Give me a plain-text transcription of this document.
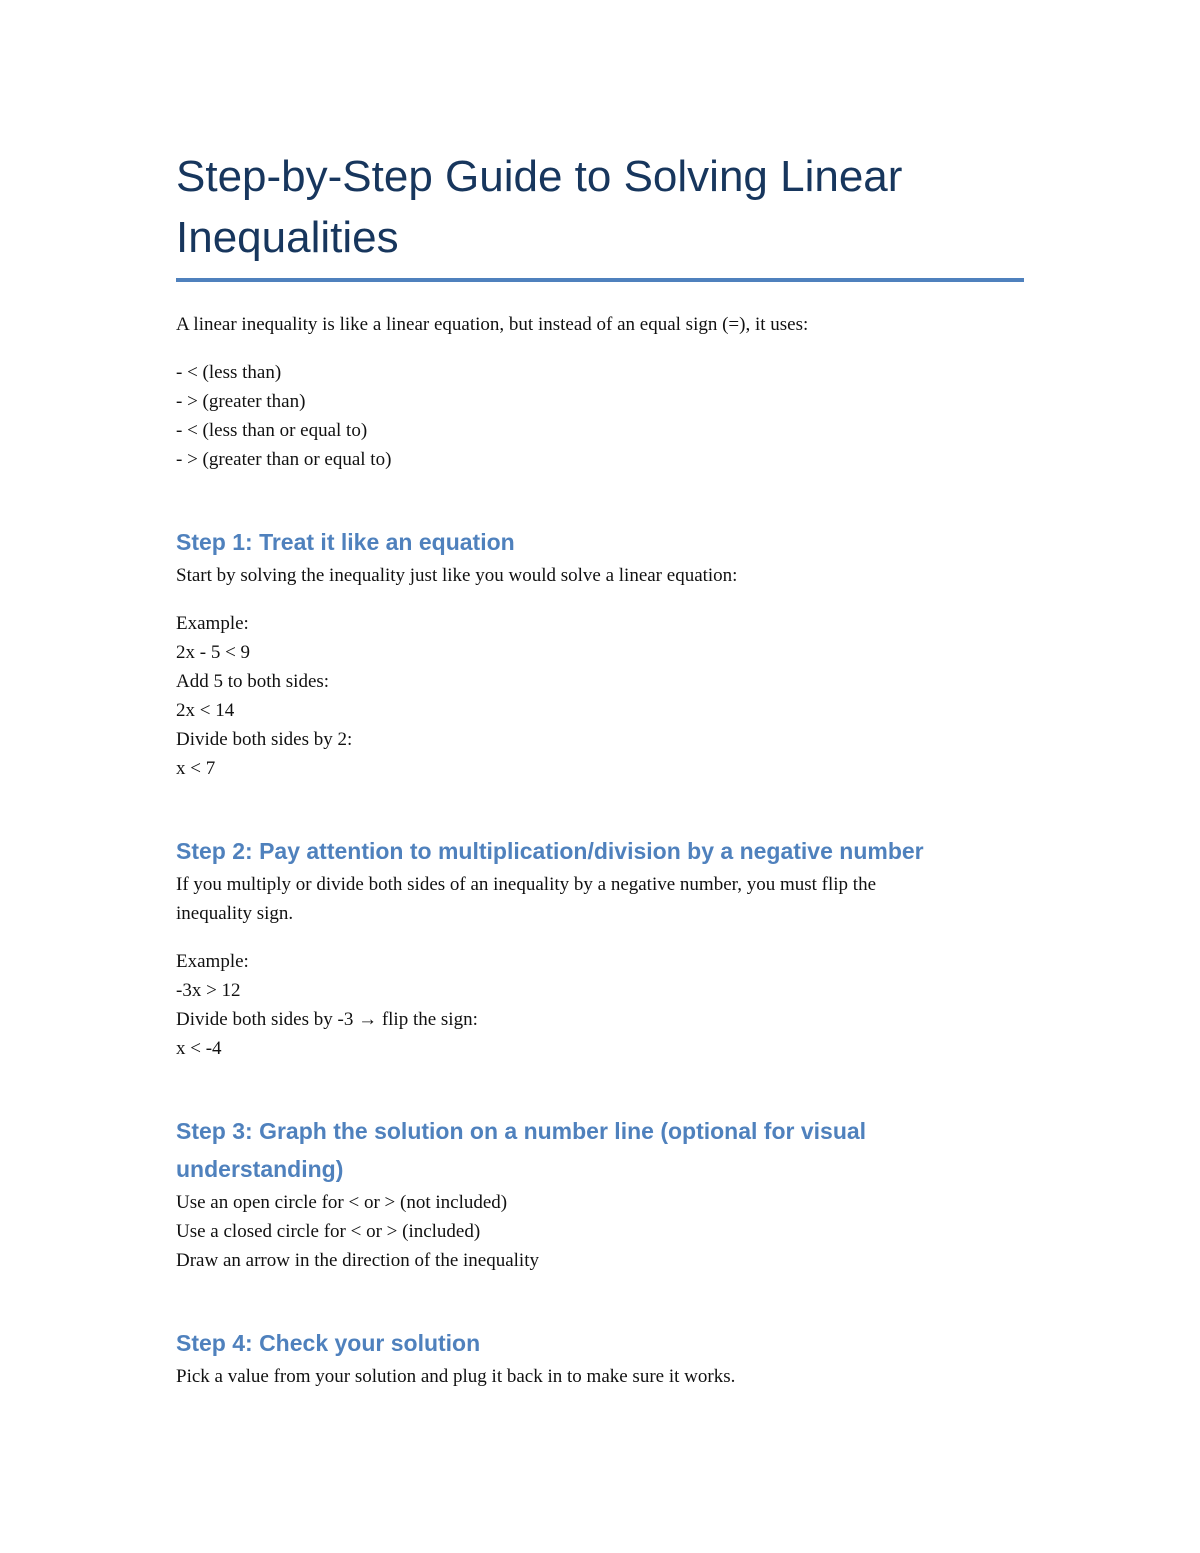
Step-by-Step Guide to Solving Linear Inequalities

A linear inequality is like a linear equation, but instead of an equal sign (=), it uses:

- < (less than)
- > (greater than)
- < (less than or equal to)
- > (greater than or equal to)
Step 1: Treat it like an equation

Start by solving the inequality just like you would solve a linear equation:

Example:
2x - 5 < 9
Add 5 to both sides:
2x < 14
Divide both sides by 2:
x < 7
Step 2: Pay attention to multiplication/division by a negative number
If you multiply or divide both sides of an inequality by a negative number, you must flip the
inequality sign.
Example:
-3x > 12
Divide both sides by -3 → flip the sign:
x < -4
Step 3: Graph the solution on a number line (optional for visual
understanding)
Use an open circle for < or > (not included)
Use a closed circle for < or > (included)
Draw an arrow in the direction of the inequality
Step 4: Check your solution

Pick a value from your solution and plug it back in to make sure it works.
